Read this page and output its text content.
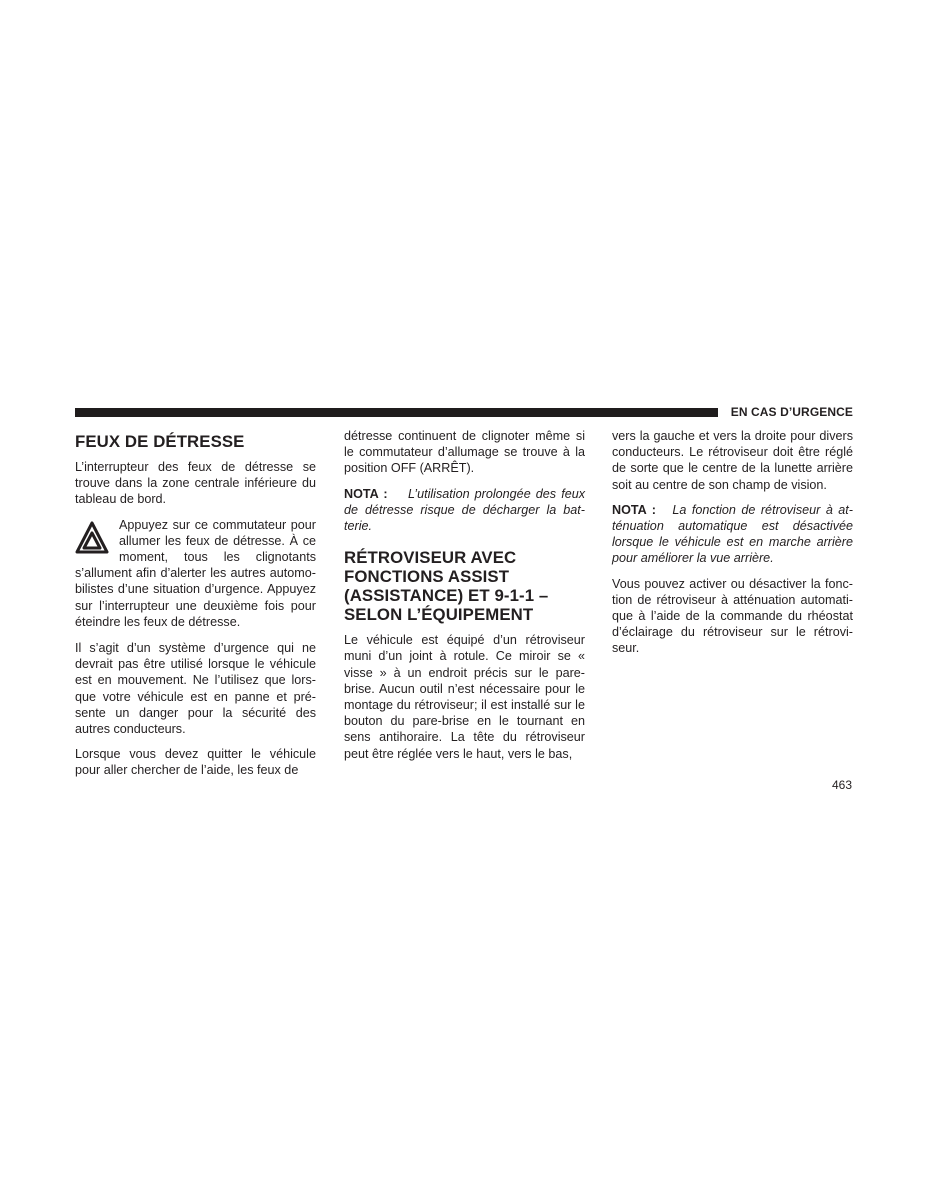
EN CAS D’URGENCE
FEUX DE DÉTRESSE

L’interrupteur des feux de détresse se trouve dans la zone centrale inférieure du tableau de bord.

Appuyez sur ce commutateur pour allumer les feux de détresse. À ce moment, tous les clignotants s’allument afin d’alerter les autres automobilistes d’une situation d’urgence. Appuyez sur l’interrupteur une deuxième fois pour éteindre les feux de détresse.

Il s’agit d’un système d’urgence qui ne devrait pas être utilisé lorsque le véhicule est en mouvement. Ne l’utilisez que lorsque votre véhicule est en panne et présente un danger pour la sécurité des autres conducteurs.

Lorsque vous devez quitter le véhicule pour aller chercher de l’aide, les feux de

détresse continuent de clignoter même si le commutateur d’allumage se trouve à la position OFF (ARRÊT).

NOTA : L’utilisation prolongée des feux de détresse risque de décharger la batterie.

RÉTROVISEUR AVEC FONCTIONS ASSIST (ASSISTANCE) ET 9-1-1 – SELON L’ÉQUIPEMENT

Le véhicule est équipé d’un rétroviseur muni d’un joint à rotule. Ce miroir se « visse » à un endroit précis sur le pare-brise. Aucun outil n’est nécessaire pour le montage du rétroviseur; il est installé sur le bouton du pare-brise en le tournant en sens antihoraire. La tête du rétroviseur peut être réglée vers le haut, vers le bas,

vers la gauche et vers la droite pour divers conducteurs. Le rétroviseur doit être réglé de sorte que le centre de la lunette arrière soit au centre de son champ de vision.

NOTA : La fonction de rétroviseur à atténuation automatique est désactivée lorsque le véhicule est en marche arrière pour améliorer la vue arrière.

Vous pouvez activer ou désactiver la fonction de rétroviseur à atténuation automatique à l’aide de la commande du rhéostat d’éclairage du rétroviseur sur le rétroviseur.

463
